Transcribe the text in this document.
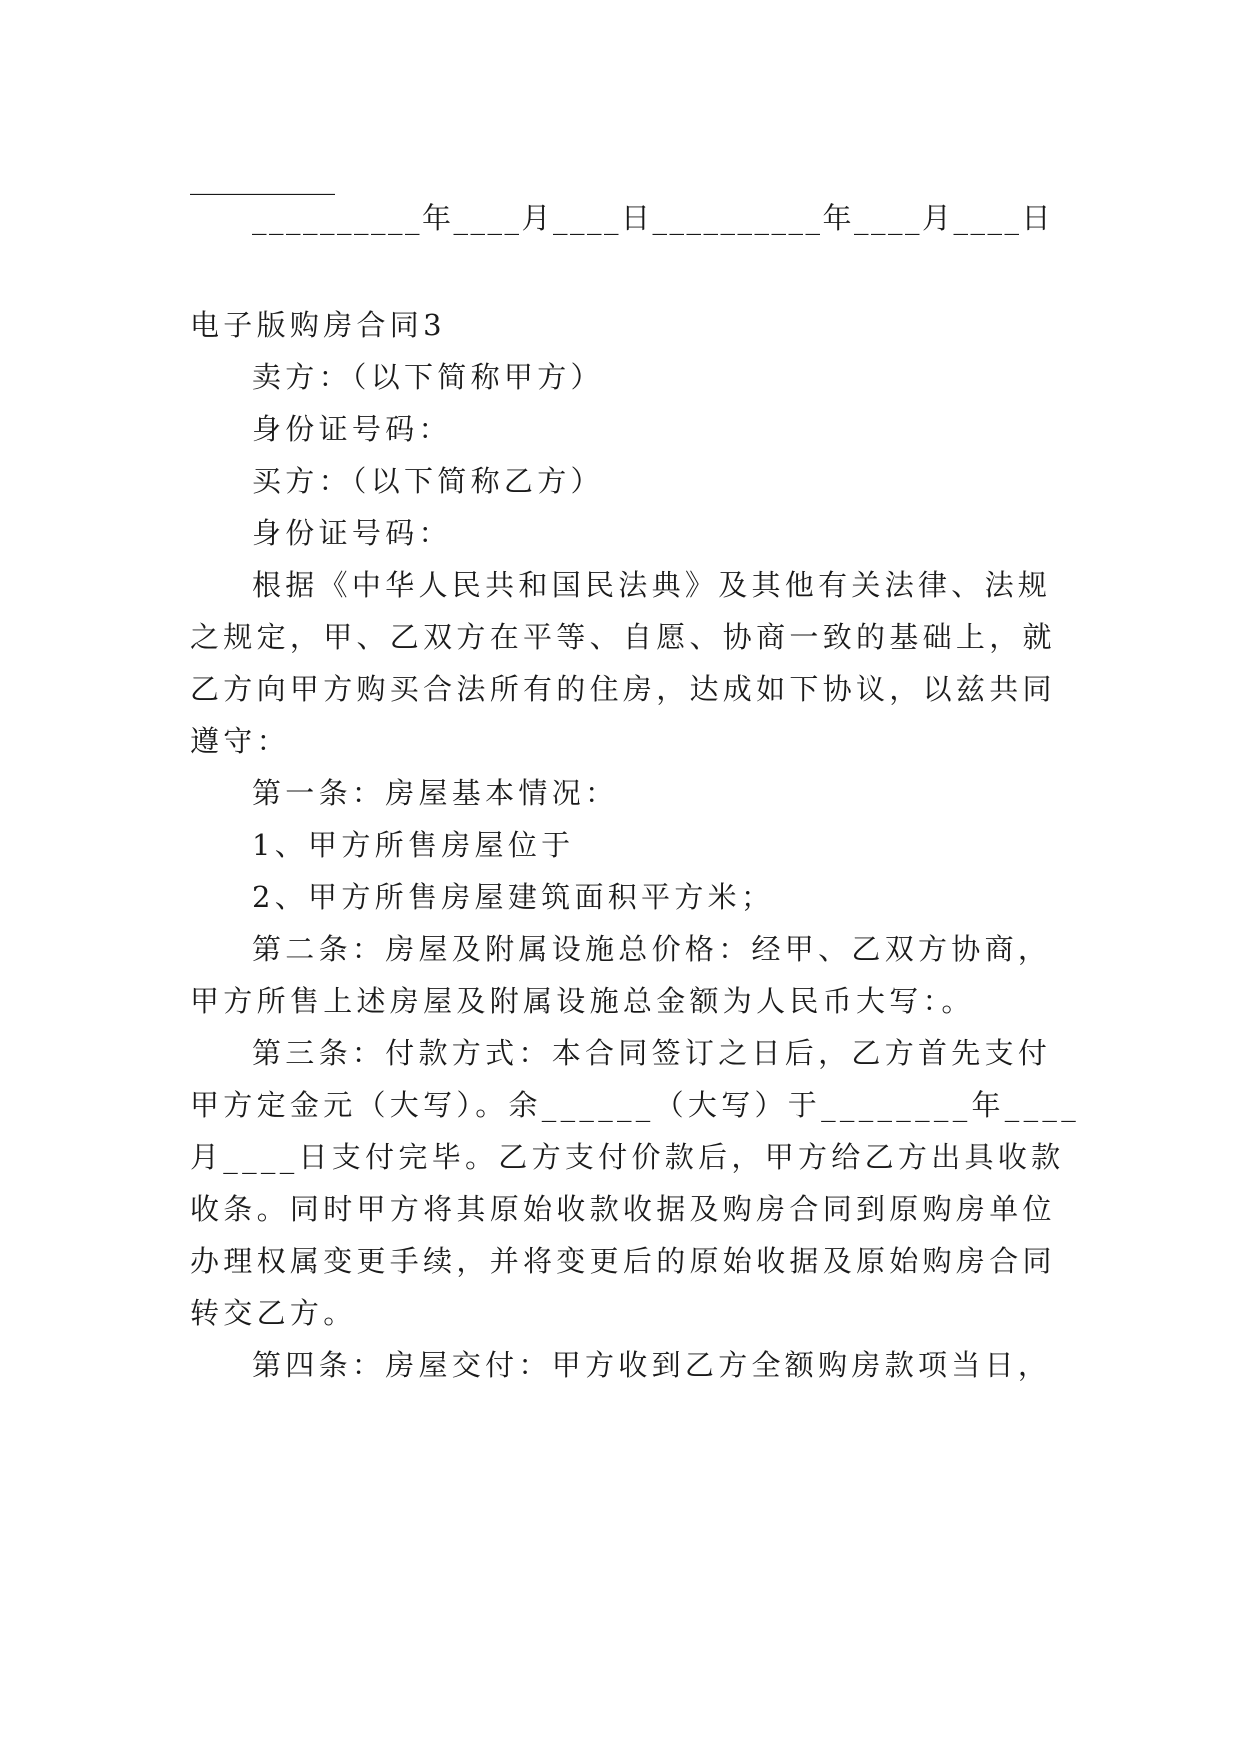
__________
__________年____月____日__________年____月____日
电子版购房合同3
卖方：（以下简称甲方）
身份证号码：
买方：（以下简称乙方）
身份证号码：
根据《中华人民共和国民法典》及其他有关法律、法规
之规定，甲、乙双方在平等、自愿、协商一致的基础上，就
乙方向甲方购买合法所有的住房，达成如下协议，以兹共同
遵守：
第一条：房屋基本情况：
1、甲方所售房屋位于
2、甲方所售房屋建筑面积平方米；
第二条：房屋及附属设施总价格：经甲、乙双方协商，
甲方所售上述房屋及附属设施总金额为人民币大写：。
第三条：付款方式：本合同签订之日后，乙方首先支付
甲方定金元（大写）。余______（大写）于________年____
月____日支付完毕。乙方支付价款后，甲方给乙方出具收款
收条。同时甲方将其原始收款收据及购房合同到原购房单位
办理权属变更手续，并将变更后的原始收据及原始购房合同
转交乙方。
第四条：房屋交付：甲方收到乙方全额购房款项当日，
